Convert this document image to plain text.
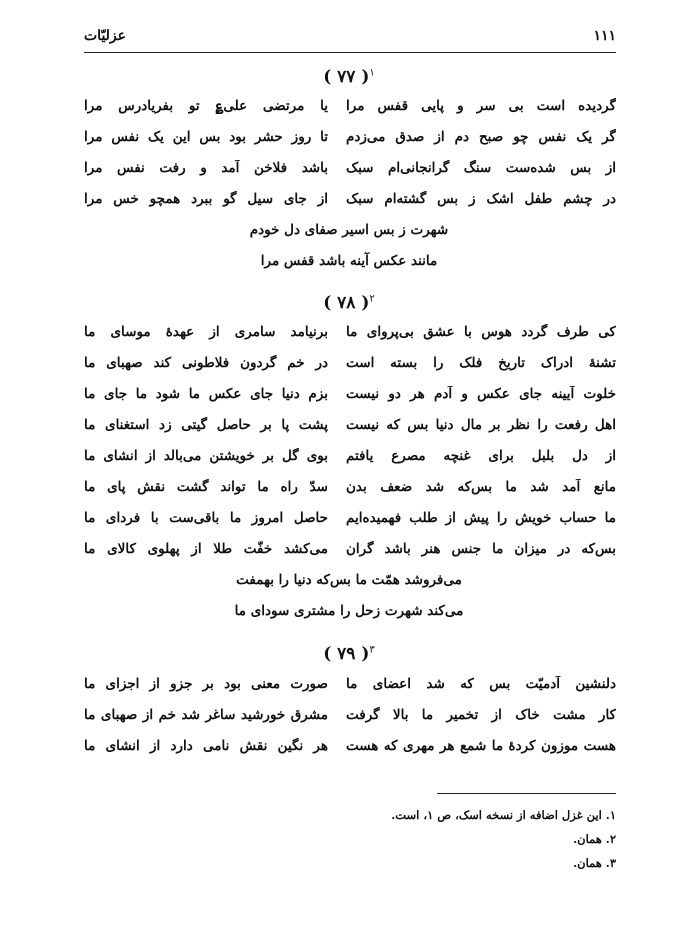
۱۱۱
عزلیّات
( ۷۷ )$^۱$
گردیده است بی سر و پایی قفس مرا
یا مرتضی علی؏ تو بفریادرس مرا
گر یک نفس چو صبح دم از صدق می‌زدم
تا روز حشر بود بس این یک نفس مرا
از بس شده‌ست سنگ گرانجانی‌ام سبک
باشد فلاخن آمد و رفت نفس مرا
در چشم طفل اشک ز بس گشته‌ام سبک
از جای سیل گو ببرد همچو خس مرا
شهرت ز بس اسیر صفای دل خودم
مانند عکس آینه باشد قفس مرا
( ۷۸ )$^۲$
کی طرف گردد هوس با عشق بی‌پروای ما
برنیامد سامری از عهدهٔ موسای ما
تشنهٔ ادراک تاریخ فلک را بسته است
در خم گردون فلاطونی کند صهبای ما
خلوت آیینه جای عکس و آدم هر دو نیست
بزم دنیا جای عکس ما شود ما جای ما
اهل رفعت را نظر بر مال دنیا بس که نیست
پشت پا بر حاصل گیتی زد استغنای ما
از دل بلبل برای غنچه مصرع یافتم
بوی گل بر خویشتن می‌بالد از انشای ما
مانع آمد شد ما بس‌که شد ضعف بدن
سدّ راه ما تواند گشت نقش پای ما
ما حساب خویش را پیش از طلب فهمیده‌ایم
حاصل امروز ما باقی‌ست با فردای ما
بس‌که در میزان ما جنس هنر باشد گران
می‌کشد خفّت طلا از پهلوی کالای ما
می‌فروشد همّت ما بس‌که دنیا را بهمفت
می‌کند شهرت زحل را مشتری سودای ما
( ۷۹ )$^۳$
دلنشین آدمیّت بس که شد اعضای ما
صورت معنی بود بر جزو از اجزای ما
کار مشت خاک از تخمیر ما بالا گرفت
مشرق خورشید ساغر شد خم از صهبای ما
هست موزون کردهٔ ما شمع هر مهری که هست
هر نگین نقش نامی دارد از انشای ما
۱. این غزل اضافه از نسخه اسک، ص ۱، است.
۲. همان.
۳. همان.
